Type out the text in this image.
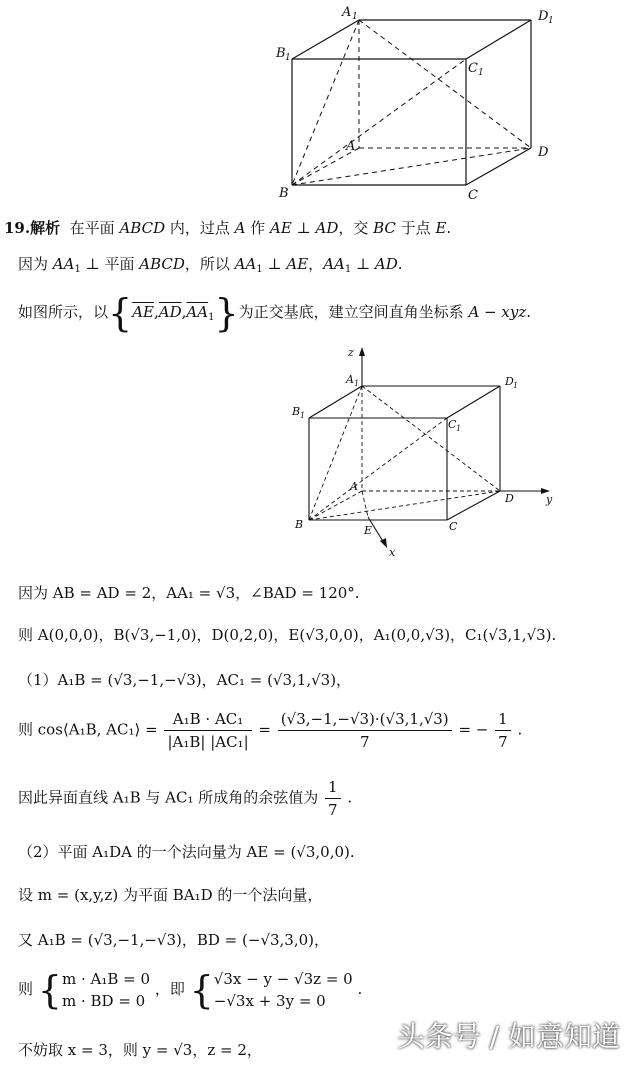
A 1	D 1
B 1
C 1
A	D
B	C
19.解析 在平面 ABCD 内，过点 A 作 AE ⊥ AD，交 BC 于点 E.
因为 $AA_1$ ⊥ 平面 ABCD，所以 $AA_1$ ⊥ AE，$AA_1$ ⊥ AD.
如图所示，以$\{\overline{AE},\overline{AD},\overline{AA}_1\}$为正交基底，建立空间直角坐标系 A − xyz.
z
y
x
A 1	D 1
B 1
C 1
A
D
B	C
E
因为 AB = AD = 2，AA₁ = √3，∠BAD = 120°.
则 A(0,0,0)，B(√3,−1,0)，D(0,2,0)，E(√3,0,0)，A₁(0,0,√3)，C₁(√3,1,√3).
（1）A₁B = (√3,−1,−√3)，AC₁ = (√3,1,√3)，
则 cos⟨A₁B, AC₁⟩ = $\frac{\text{A₁B · AC₁}}{\text{|A₁B| |AC₁|}} = \frac{(√3,-1,-√3)\cdot(√3,1,√3)}{7}$ = − $\frac{1}{7}$ .
因此异面直线 A₁B 与 AC₁ 所成角的余弦值为 $\frac{1}{7}$ .
（2）平面 A₁DA 的一个法向量为 AE = (√3,0,0).
设 m = (x,y,z) 为平面 BA₁D 的一个法向量，
又 A₁B = (√3,−1,−√3)，BD = (−√3,3,0)，
则 { m · A₁B = 0
m · BD = 0
，即 { √3x − y − √3z = 0
−√3x + 3y = 0
.
不妨取 x = 3，则 y = √3，z = 2，	头条号 / 如意知道
